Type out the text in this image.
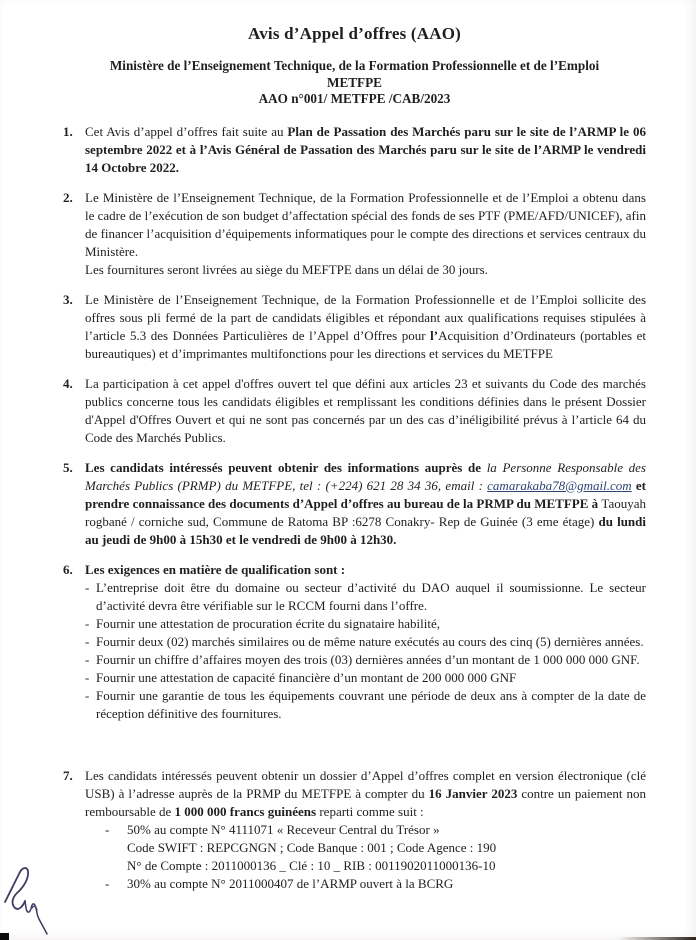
Avis d’Appel d’offres (AAO)
Ministère de l’Enseignement Technique, de la Formation Professionnelle et de l’Emploi
METFPE
AAO n°001/ METFPE /CAB/2023
1. Cet Avis d’appel d’offres fait suite au Plan de Passation des Marchés paru sur le site de l’ARMP le 06 septembre 2022 et à l’Avis Général de Passation des Marchés paru sur le site de l’ARMP le vendredi 14 Octobre 2022.
2. Le Ministère de l’Enseignement Technique, de la Formation Professionnelle et de l’Emploi a obtenu dans le cadre de l’exécution de son budget d’affectation spécial des fonds de ses PTF (PME/AFD/UNICEF), afin de financer l’acquisition d’équipements informatiques pour le compte des directions et services centraux du Ministère.
Les fournitures seront livrées au siège du MEFTPE dans un délai de 30 jours.
3. Le Ministère de l’Enseignement Technique, de la Formation Professionnelle et de l’Emploi sollicite des offres sous pli fermé de la part de candidats éligibles et répondant aux qualifications requises stipulées à l’article 5.3 des Données Particulières de l’Appel d’Offres pour l’Acquisition d’Ordinateurs (portables et bureautiques) et d’imprimantes multifonctions pour les directions et services du METFPE
4. La participation à cet appel d'offres ouvert tel que défini aux articles 23 et suivants du Code des marchés publics concerne tous les candidats éligibles et remplissant les conditions définies dans le présent Dossier d'Appel d'Offres Ouvert et qui ne sont pas concernés par un des cas d’inéligibilité prévus à l’article 64 du Code des Marchés Publics.
5. Les candidats intéressés peuvent obtenir des informations auprès de la Personne Responsable des Marchés Publics (PRMP) du METFPE, tel : (+224) 621 28 34 36, email : camarakaba78@gmail.com et prendre connaissance des documents d’Appel d’offres au bureau de la PRMP du METFPE à Taouyah rogbané / corniche sud, Commune de Ratoma BP :6278 Conakry- Rep de Guinée (3 eme étage) du lundi au jeudi de 9h00 à 15h30 et le vendredi de 9h00 à 12h30.
6. Les exigences en matière de qualification sont :
- L’entreprise doit être du domaine ou secteur d’activité du DAO auquel il soumissionne. Le secteur d’activité devra être vérifiable sur le RCCM fourni dans l’offre.
- Fournir une attestation de procuration écrite du signataire habilité,
- Fournir deux (02) marchés similaires ou de même nature exécutés au cours des cinq (5) dernières années.
- Fournir un chiffre d’affaires moyen des trois (03) dernières années d’un montant de 1 000 000 000 GNF.
- Fournir une attestation de capacité financière d’un montant de 200 000 000 GNF
- Fournir une garantie de tous les équipements couvrant une période de deux ans à compter de la date de réception définitive des fournitures.
7. Les candidats intéressés peuvent obtenir un dossier d’Appel d’offres complet en version électronique (clé USB) à l’adresse auprès de la PRMP du METFPE à compter du 16 Janvier 2023 contre un paiement non remboursable de 1 000 000 francs guinéens reparti comme suit :
-	50% au compte N° 4111071 « Receveur Central du Trésor »
Code SWIFT : REPCGNGN ; Code Banque : 001 ; Code Agence : 190
N° de Compte : 2011000136 _ Clé : 10 _ RIB : 0011902011000136-10
-	30% au compte N° 2011000407 de l’ARMP ouvert à la BCRG
